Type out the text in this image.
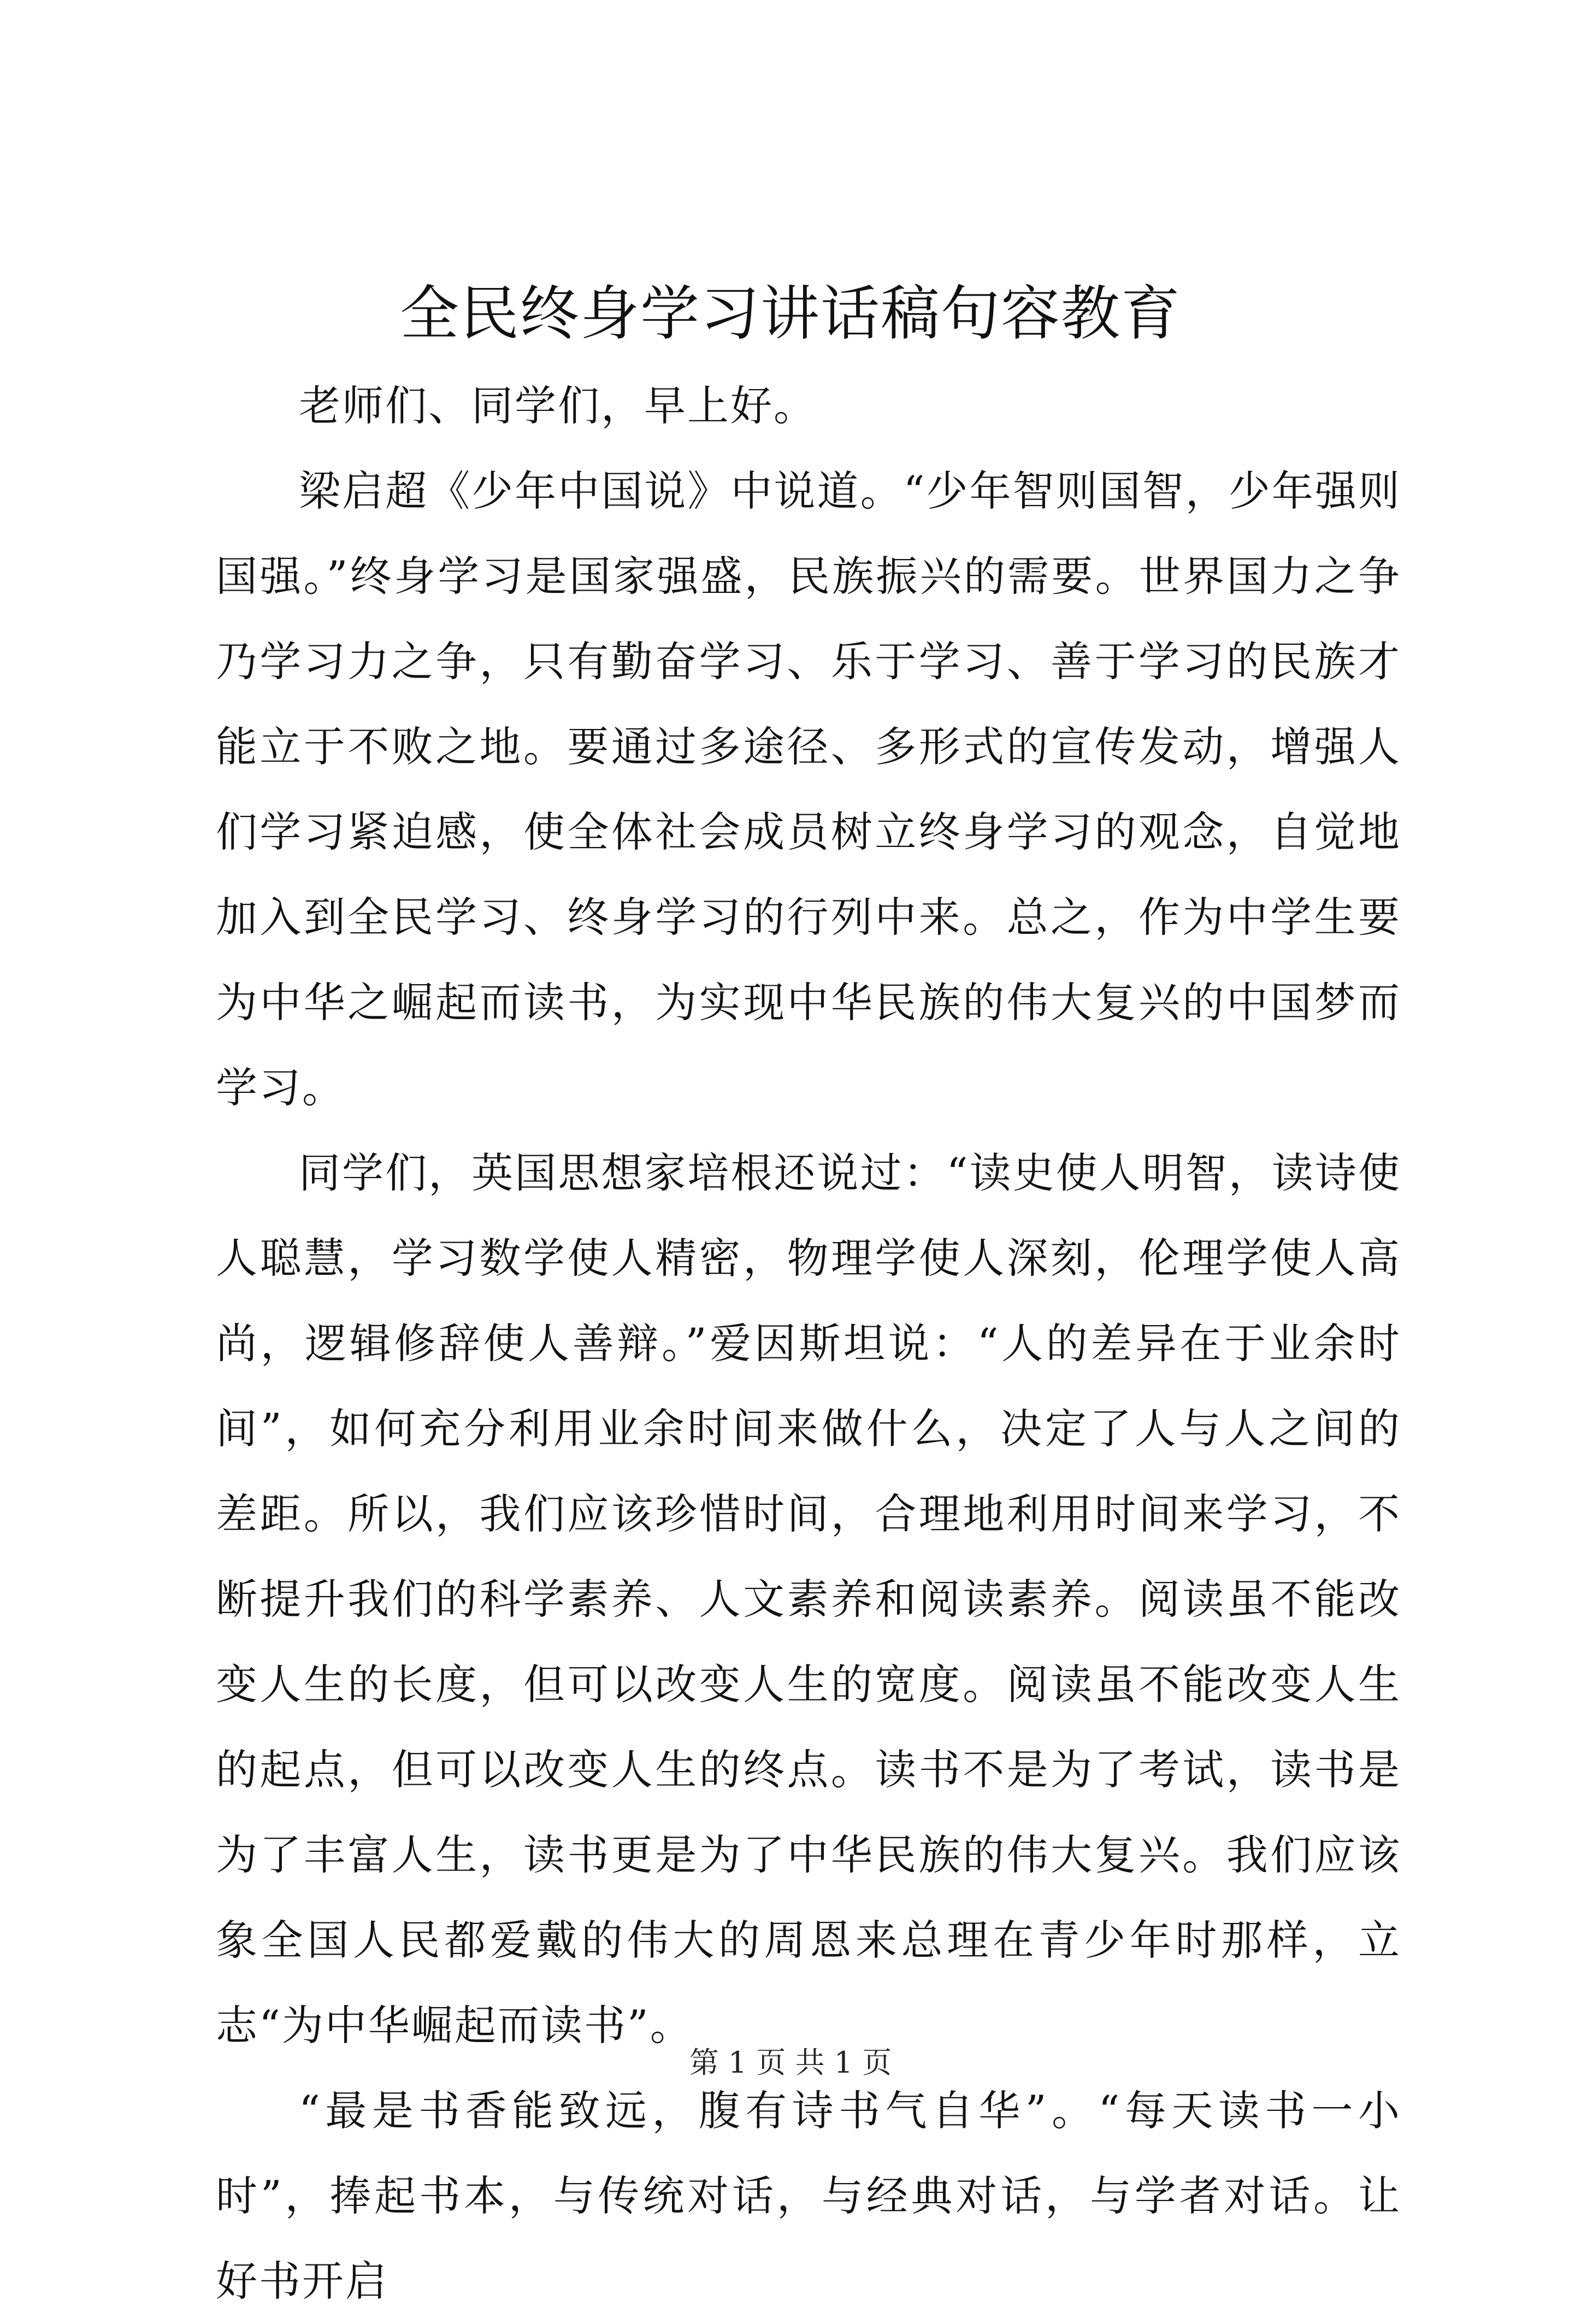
全民终身学习讲话稿句容教育

老师们、同学们，早上好。

梁启超《少年中国说》中说道。“少年智则国智，少年强则国强。”终身学习是国家强盛，民族振兴的需要。世界国力之争乃学习力之争，只有勤奋学习、乐于学习、善于学习的民族才能立于不败之地。要通过多途径、多形式的宣传发动，增强人们学习紧迫感，使全体社会成员树立终身学习的观念，自觉地加入到全民学习、终身学习的行列中来。总之，作为中学生要为中华之崛起而读书，为实现中华民族的伟大复兴的中国梦而学习。

同学们，英国思想家培根还说过：“读史使人明智，读诗使人聪慧，学习数学使人精密，物理学使人深刻，伦理学使人高尚，逻辑修辞使人善辩。”爱因斯坦说：“人的差异在于业余时间”，如何充分利用业余时间来做什么，决定了人与人之间的差距。所以，我们应该珍惜时间，合理地利用时间来学习，不断提升我们的科学素养、人文素养和阅读素养。阅读虽不能改变人生的长度，但可以改变人生的宽度。阅读虽不能改变人生的起点，但可以改变人生的终点。读书不是为了考试，读书是为了丰富人生，读书更是为了中华民族的伟大复兴。我们应该象全国人民都爱戴的伟大的周恩来总理在青少年时那样，立志“为中华崛起而读书”。

“最是书香能致远，腹有诗书气自华”。“每天读书一小时”，捧起书本，与传统对话，与经典对话，与学者对话。让好书开启

第 1 页 共 1 页
